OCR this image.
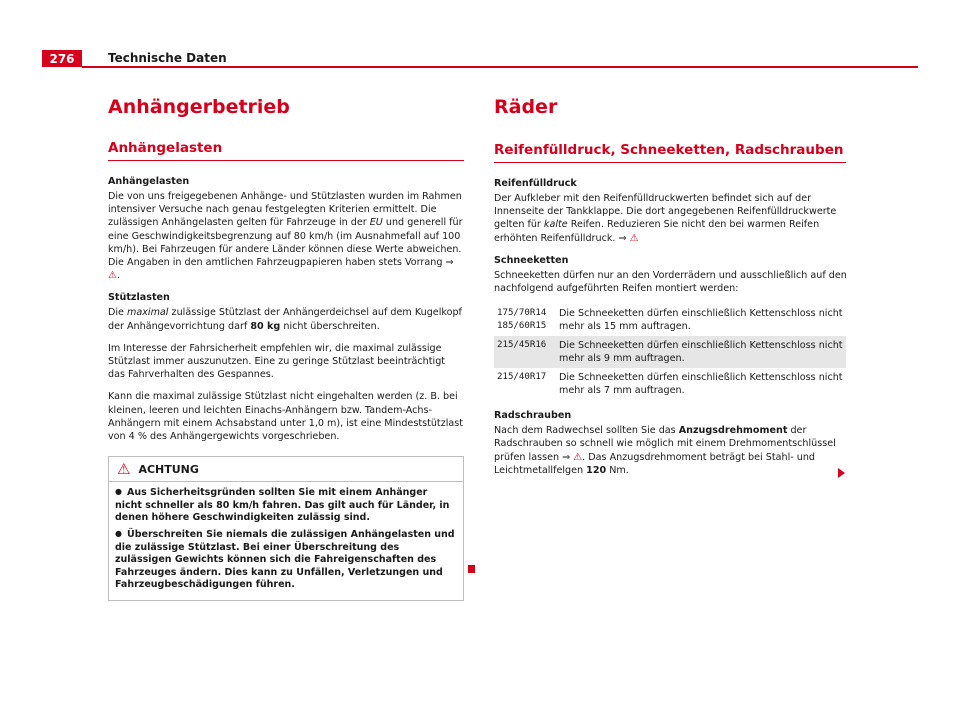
276	Technische Daten
Anhängerbetrieb
Anhängelasten
Anhängelasten

Die von uns freigegebenen Anhänge- und Stützlasten wurden im Rahmen intensiver Versuche nach genau festgelegten Kriterien ermittelt. Die zulässigen Anhängelasten gelten für Fahrzeuge in der EU und generell für eine Geschwindigkeitsbegrenzung auf 80 km/h (im Ausnahmefall auf 100 km/h). Bei Fahrzeugen für andere Länder können diese Werte abweichen. Die Angaben in den amtlichen Fahrzeugpapieren haben stets Vorrang ⇒ ⚠.

Stützlasten

Die maximal zulässige Stützlast der Anhängerdeichsel auf dem Kugelkopf der Anhängevorrichtung darf 80 kg nicht überschreiten.

Im Interesse der Fahrsicherheit empfehlen wir, die maximal zulässige Stützlast immer auszunutzen. Eine zu geringe Stützlast beeinträchtigt das Fahrverhalten des Gespannes.

Kann die maximal zulässige Stützlast nicht eingehalten werden (z. B. bei kleinen, leeren und leichten Einachs-Anhängern bzw. Tandem-Achs-Anhängern mit einem Achsabstand unter 1,0 m), ist eine Mindeststützlast von 4 % des Anhängergewichts vorgeschrieben.

⚠ ACHTUNG
● Aus Sicherheitsgründen sollten Sie mit einem Anhänger nicht schneller als 80 km/h fahren. Das gilt auch für Länder, in denen höhere Geschwindigkeiten zulässig sind.
● Überschreiten Sie niemals die zulässigen Anhängelasten und die zulässige Stützlast. Bei einer Überschreitung des zulässigen Gewichts können sich die Fahreigenschaften des Fahrzeuges ändern. Dies kann zu Unfällen, Verletzungen und Fahrzeugbeschädigungen führen.
Räder
Reifenfülldruck, Schneeketten, Radschrauben
Reifenfülldruck

Der Aufkleber mit den Reifenfülldruckwerten befindet sich auf der Innenseite der Tankklappe. Die dort angegebenen Reifenfülldruckwerte gelten für kalte Reifen. Reduzieren Sie nicht den bei warmen Reifen erhöhten Reifenfülldruck. ⇒ ⚠

Schneeketten

Schneeketten dürfen nur an den Vorderrädern und ausschließlich auf den nachfolgend aufgeführten Reifen montiert werden:

175/70R14
185/60R15	Die Schneeketten dürfen einschließlich Kettenschloss nicht mehr als 15 mm auftragen.
215/45R16	Die Schneeketten dürfen einschließlich Kettenschloss nicht mehr als 9 mm auftragen.
215/40R17	Die Schneeketten dürfen einschließlich Kettenschloss nicht mehr als 7 mm auftragen.
Radschrauben

Nach dem Radwechsel sollten Sie das Anzugsdrehmoment der Radschrauben so schnell wie möglich mit einem Drehmomentschlüssel prüfen lassen ⇒ ⚠. Das Anzugsdrehmoment beträgt bei Stahl- und Leichtmetallfelgen 120 Nm.
